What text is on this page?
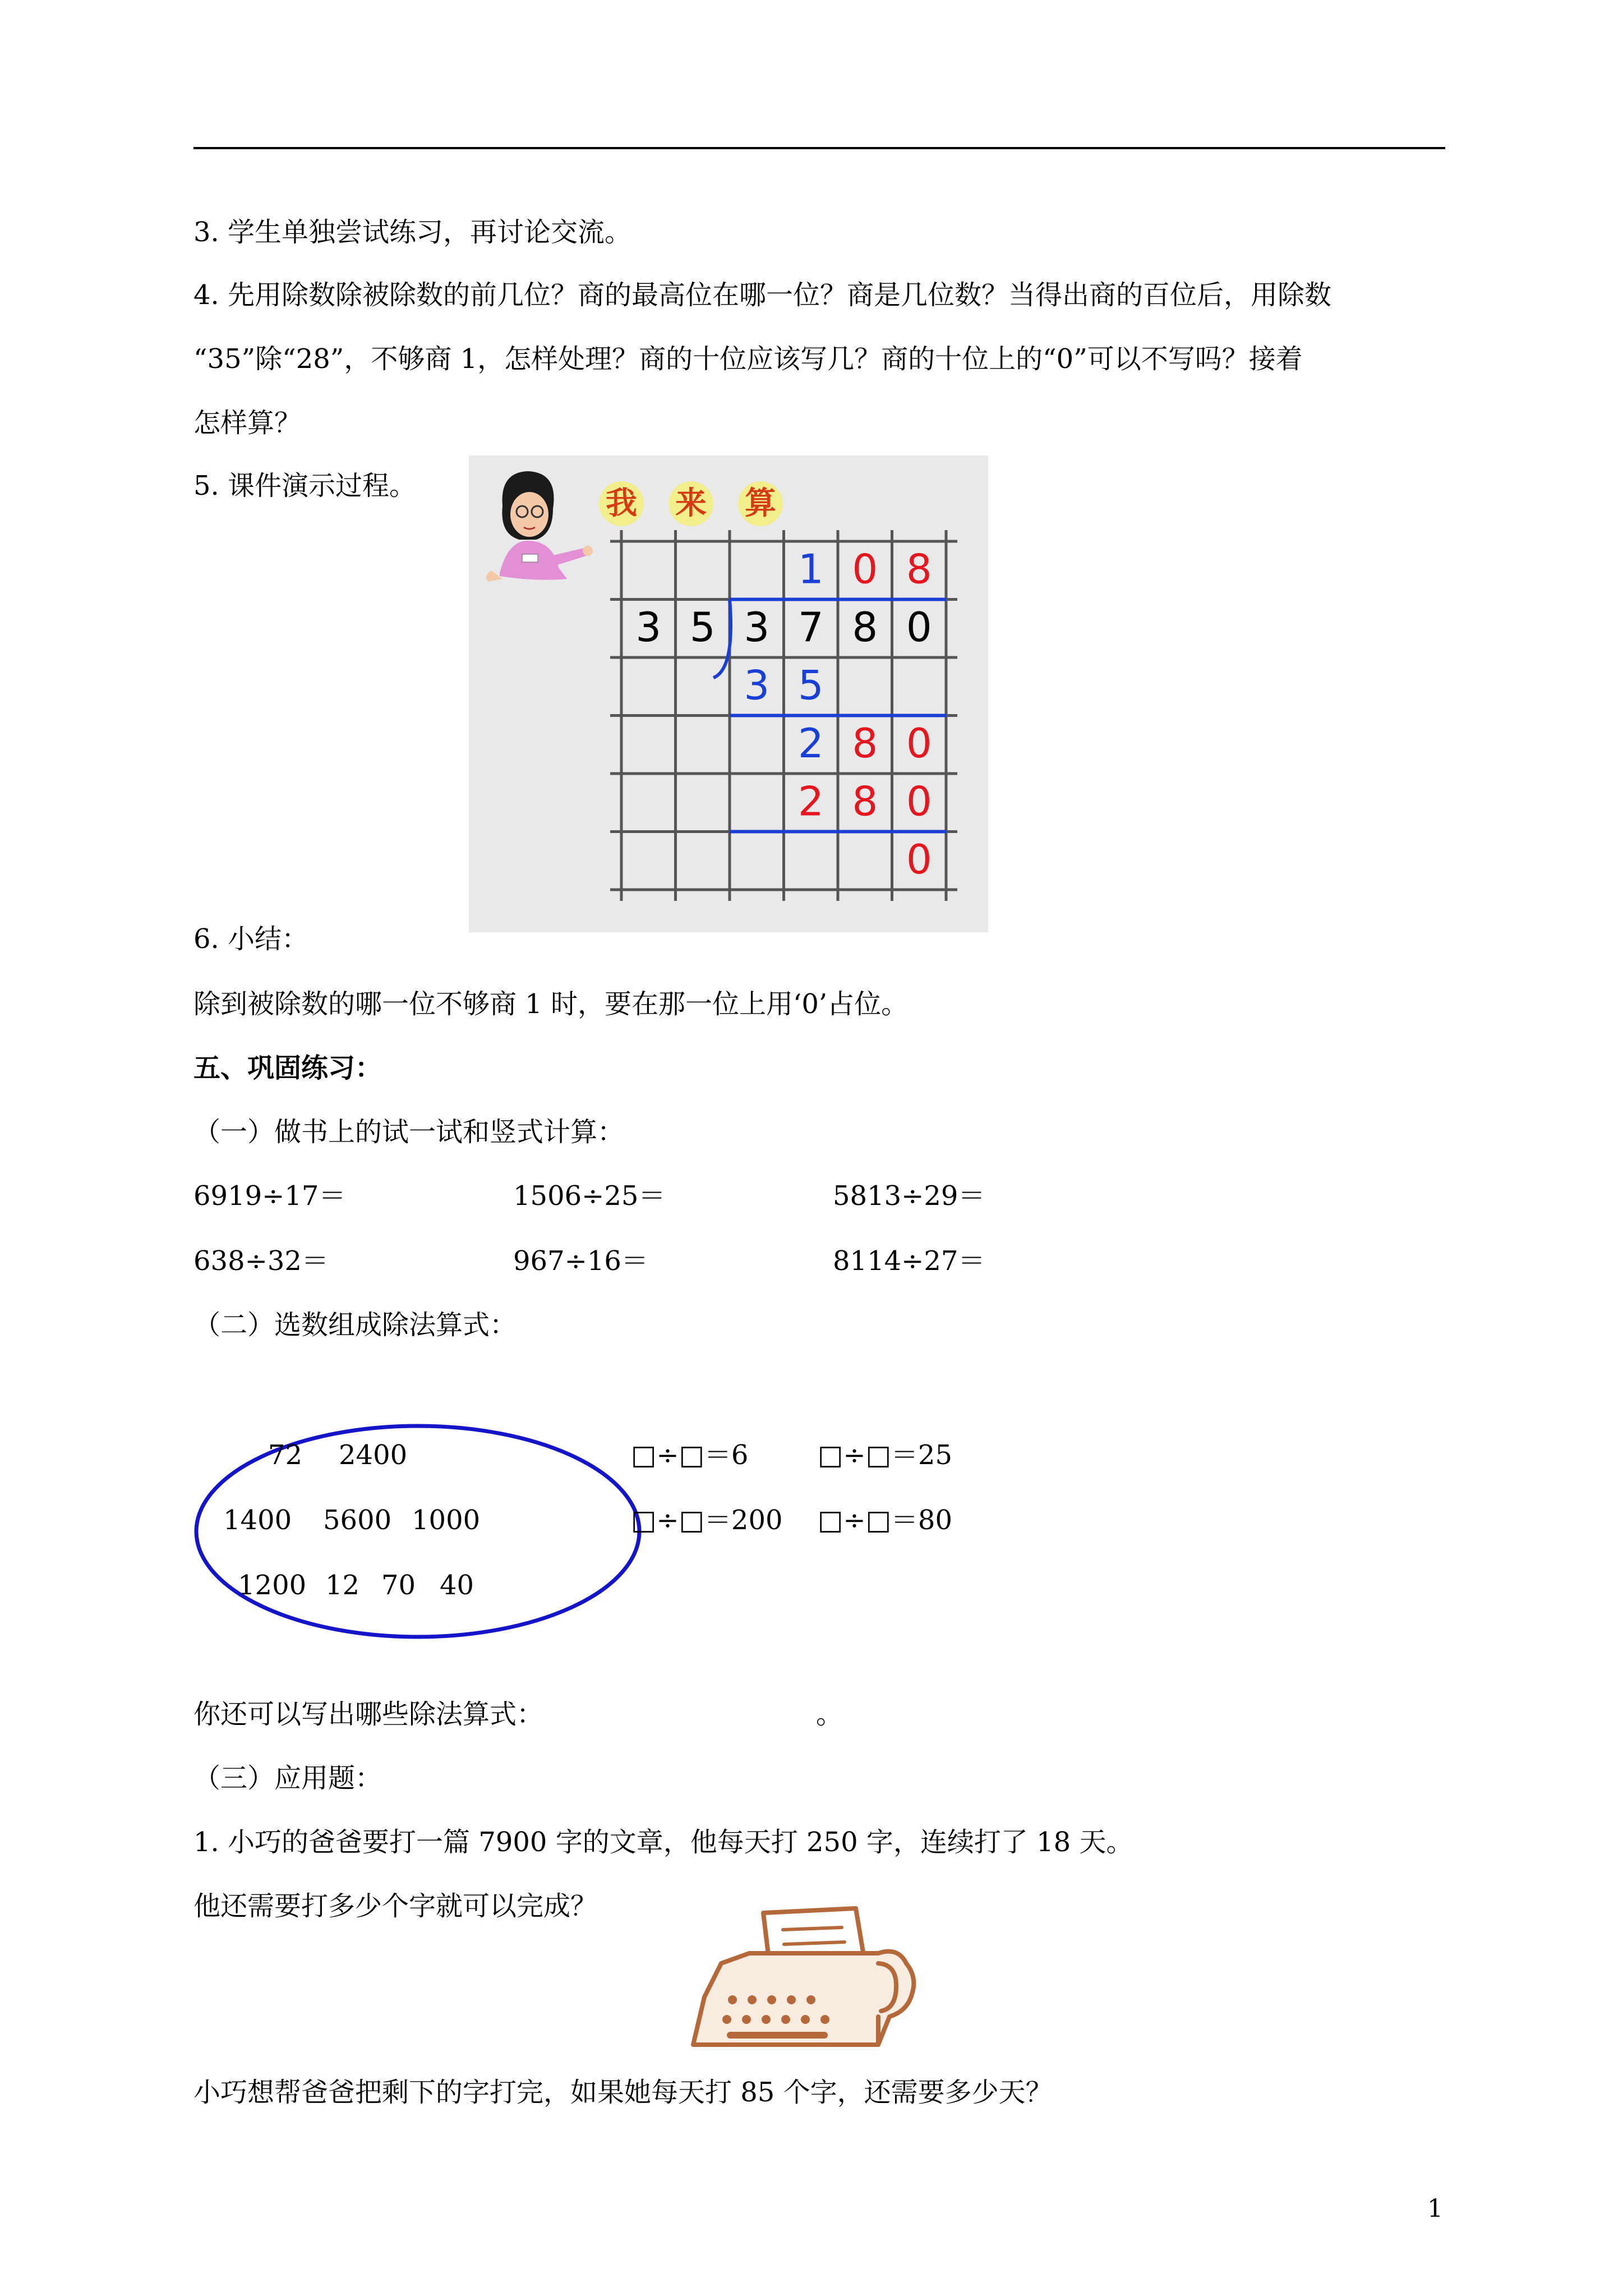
3. 学生单独尝试练习，再讨论交流。
4. 先用除数除被除数的前几位？商的最高位在哪一位？商是几位数？当得出商的百位后，用除数
“35”除“28”，不够商 1，怎样处理？商的十位应该写几？商的十位上的“0”可以不写吗？接着
怎样算？
5. 课件演示过程。	我 来 算
1 0 8
3 5 3 7 8 0
3 5
2 8 0
2 8 0
0
6. 小结：
除到被除数的哪一位不够商 1 时，要在那一位上用‘0’占位。
五、巩固练习：
（一）做书上的试一试和竖式计算：
6919÷17＝	1506÷25＝	5813÷29＝
638÷32＝	967÷16＝	8114÷27＝
（二）选数组成除法算式：
72 2400
1400 5600 1000
1200 12 70 40
□÷□＝6	□÷□＝25
□÷□＝200 □÷□＝80
你还可以写出哪些除法算式：	。
（三）应用题：
1. 小巧的爸爸要打一篇 7900 字的文章，他每天打 250 字，连续打了 18 天。
他还需要打多少个字就可以完成？
小巧想帮爸爸把剩下的字打完，如果她每天打 85 个字，还需要多少天？
1
